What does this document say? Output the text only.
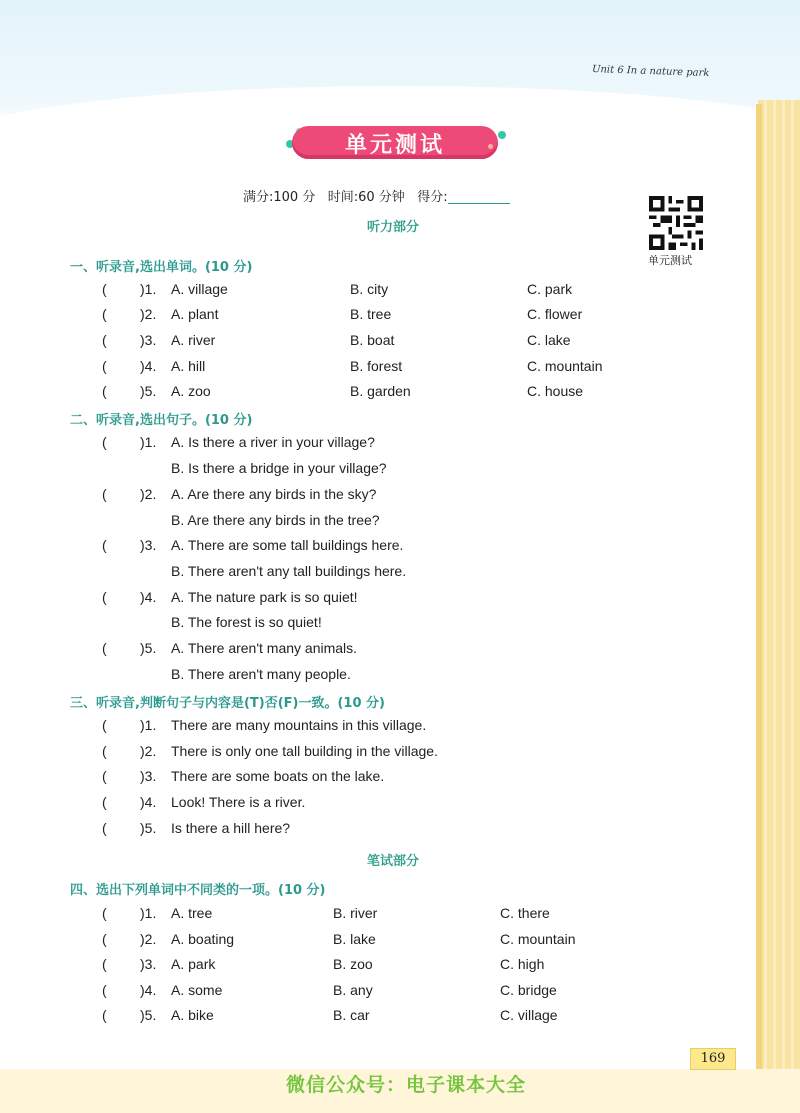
Unit 6 In a nature park
单元测试
满分:100 分 时间:60 分钟 得分:
听力部分
单元测试
一、听录音,选出单词。(10 分)
( )1. A. village	B. city	C. park
( )2. A. plant	B. tree	C. flower
( )3. A. river	B. boat	C. lake
( )4. A. hill	B. forest	C. mountain
( )5. A. zoo	B. garden	C. house
二、听录音,选出句子。(10 分)
( )1. A. Is there a river in your village?
B. Is there a bridge in your village?
( )2. A. Are there any birds in the sky?
B. Are there any birds in the tree?
( )3. A. There are some tall buildings here.
B. There aren't any tall buildings here.
( )4. A. The nature park is so quiet!
B. The forest is so quiet!
( )5. A. There aren't many animals.
B. There aren't many people.
三、听录音,判断句子与内容是(T)否(F)一致。(10 分)
( )1. There are many mountains in this village.
( )2. There is only one tall building in the village.
( )3. There are some boats on the lake.
( )4. Look! There is a river.
( )5. Is there a hill here?
笔试部分
四、选出下列单词中不同类的一项。(10 分)
( )1. A. tree	B. river	C. there
( )2. A. boating	B. lake	C. mountain
( )3. A. park	B. zoo	C. high
( )4. A. some	B. any	C. bridge
( )5. A. bike	B. car	C. village
169
微信公众号：电子课本大全
